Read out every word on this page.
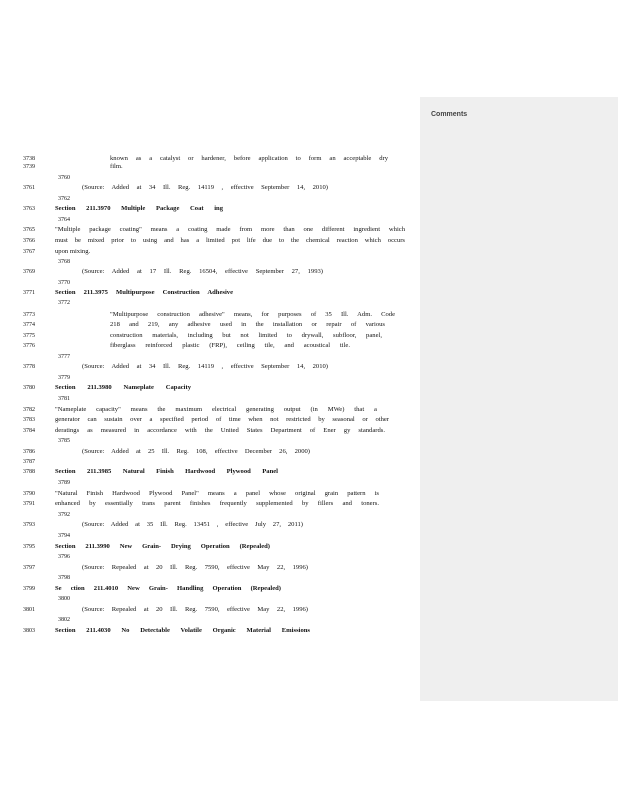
3738	known as a catalyst or hardener, before application to form an acceptable dry
3739	film.
3760
3761	(Source: Added at 34 Ill. Reg. 14119 , effective September 14, 2010)
3762
3763	Section 211.3970 Multiple Package Coat ing
3764
3765	"Multiple package coating" means a coating made from more than one different ingredient which
3766	must be mixed prior to using and has a limited pot life due to the chemical reaction which occurs
3767	upon mixing.
3768
3769	(Source: Added at 17 Ill. Reg. 16504, effective September 27, 1993)
3770
3771	Section 211.3975 Multipurpose Construction Adhesive
3772
3773	"Multipurpose construction adhesive" means, for purposes of 35 Ill. Adm. Code
3774	218 and 219, any adhesive used in the installation or repair of various
3775	construction materials, including but not limited to drywall, subfloor, panel,
3776	fiberglass reinforced plastic (FRP), ceiling tile, and acoustical tile.
3777
3778	(Source: Added at 34 Ill. Reg. 14119 , effective September 14, 2010)
3779
3780	Section 211.3980 Nameplate Capacity
3781
3782	"Nameplate capacity" means the maximum electrical generating output (in MWe) that a
3783	generator can sustain over a specified period of time when not restricted by seasonal or other
3784	deratings as measured in accordance with the United States Department of Ener gy standards.
3785
3786	(Source: Added at 25 Ill. Reg. 108, effective December 26, 2000)
3787
3788	Section 211.3985 Natural Finish Hardwood Plywood Panel
3789
3790	"Natural Finish Hardwood Plywood Panel" means a panel whose original grain pattern is
3791	enhanced by essentially trans parent finishes frequently supplemented by fillers and toners.
3792
3793	(Source: Added at 35 Ill. Reg. 13451 , effective July 27, 2011)
3794
3795	Section 211.3990 New Grain- Drying Operation (Repealed)
3796
3797	(Source: Repealed at 20 Ill. Reg. 7590, effective May 22, 1996)
3798
3799	Se ction 211.4010 New Grain- Handling Operation (Repealed)
3800
3801	(Source: Repealed at 20 Ill. Reg. 7590, effective May 22, 1996)
3802
3803	Section 211.4030 No Detectable Volatile Organic Material Emissions
Comments
